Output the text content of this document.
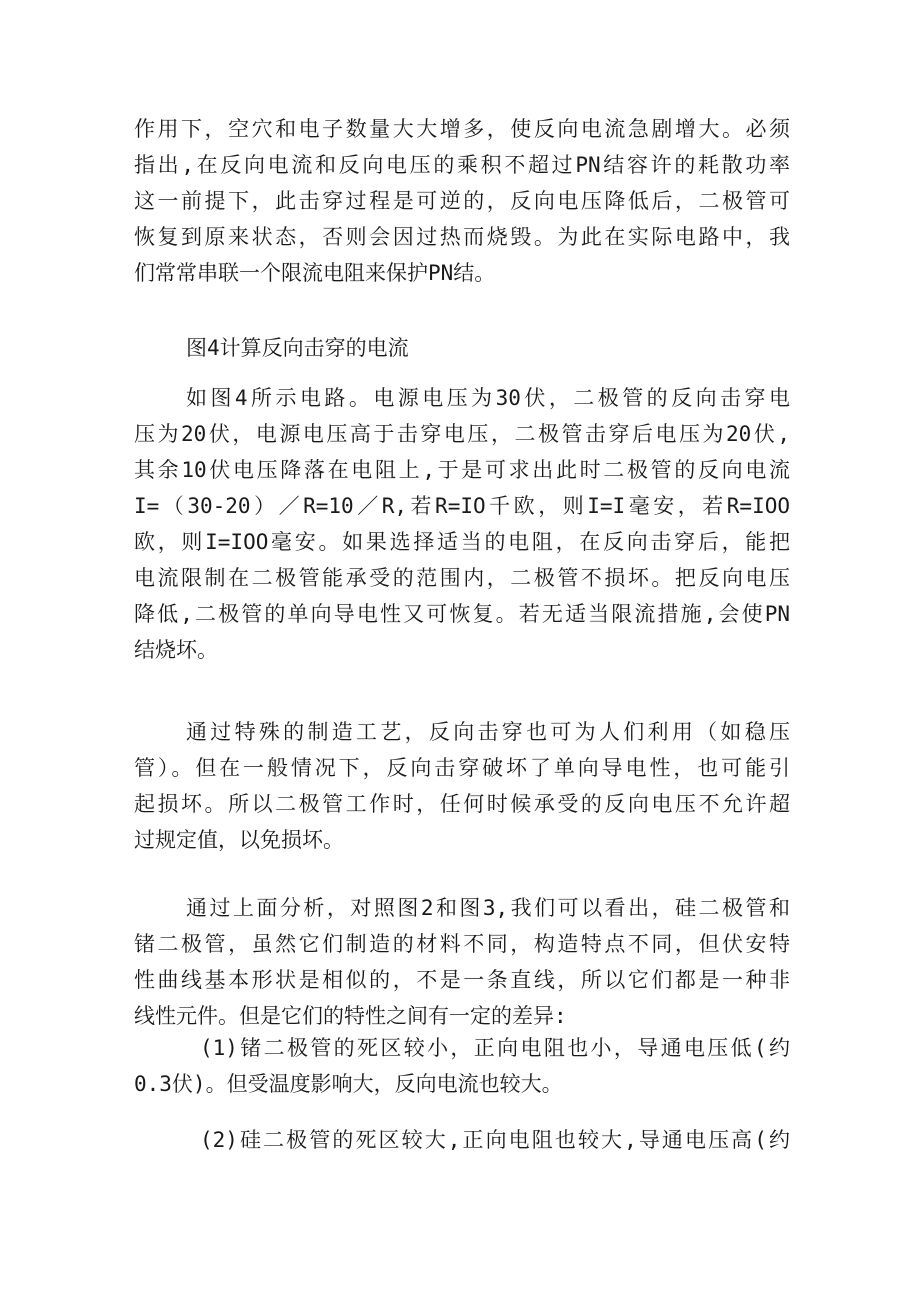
作用下，空穴和电子数量大大增多，使反向电流急剧增大。必须
指出,在反向电流和反向电压的乘积不超过PN结容许的耗散功率
这一前提下，此击穿过程是可逆的，反向电压降低后，二极管可
恢复到原来状态，否则会因过热而烧毁。为此在实际电路中，我
们常常串联一个限流电阻来保护PN结。
图4计算反向击穿的电流
如图4所示电路。电源电压为30伏，二极管的反向击穿电
压为20伏，电源电压高于击穿电压，二极管击穿后电压为20伏,
其余10伏电压降落在电阻上,于是可求出此时二极管的反向电流
I=（30-20）／R=10／R,若R=IO千欧，则I=I毫安，若R=IOO
欧，则I=IOO毫安。如果选择适当的电阻，在反向击穿后，能把
电流限制在二极管能承受的范围内，二极管不损坏。把反向电压
降低,二极管的单向导电性又可恢复。若无适当限流措施,会使PN
结烧坏。
通过特殊的制造工艺，反向击穿也可为人们利用（如稳压
管）。但在一般情况下，反向击穿破坏了单向导电性，也可能引
起损坏。所以二极管工作时，任何时候承受的反向电压不允许超
过规定值，以免损坏。
通过上面分析，对照图2和图3,我们可以看出，硅二极管和
锗二极管，虽然它们制造的材料不同，构造特点不同，但伏安特
性曲线基本形状是相似的，不是一条直线，所以它们都是一种非
线性元件。但是它们的特性之间有一定的差异:
(1)锗二极管的死区较小，正向电阻也小，导通电压低(约
0.3伏)。但受温度影响大，反向电流也较大。
(2)硅二极管的死区较大,正向电阻也较大,导通电压高(约
